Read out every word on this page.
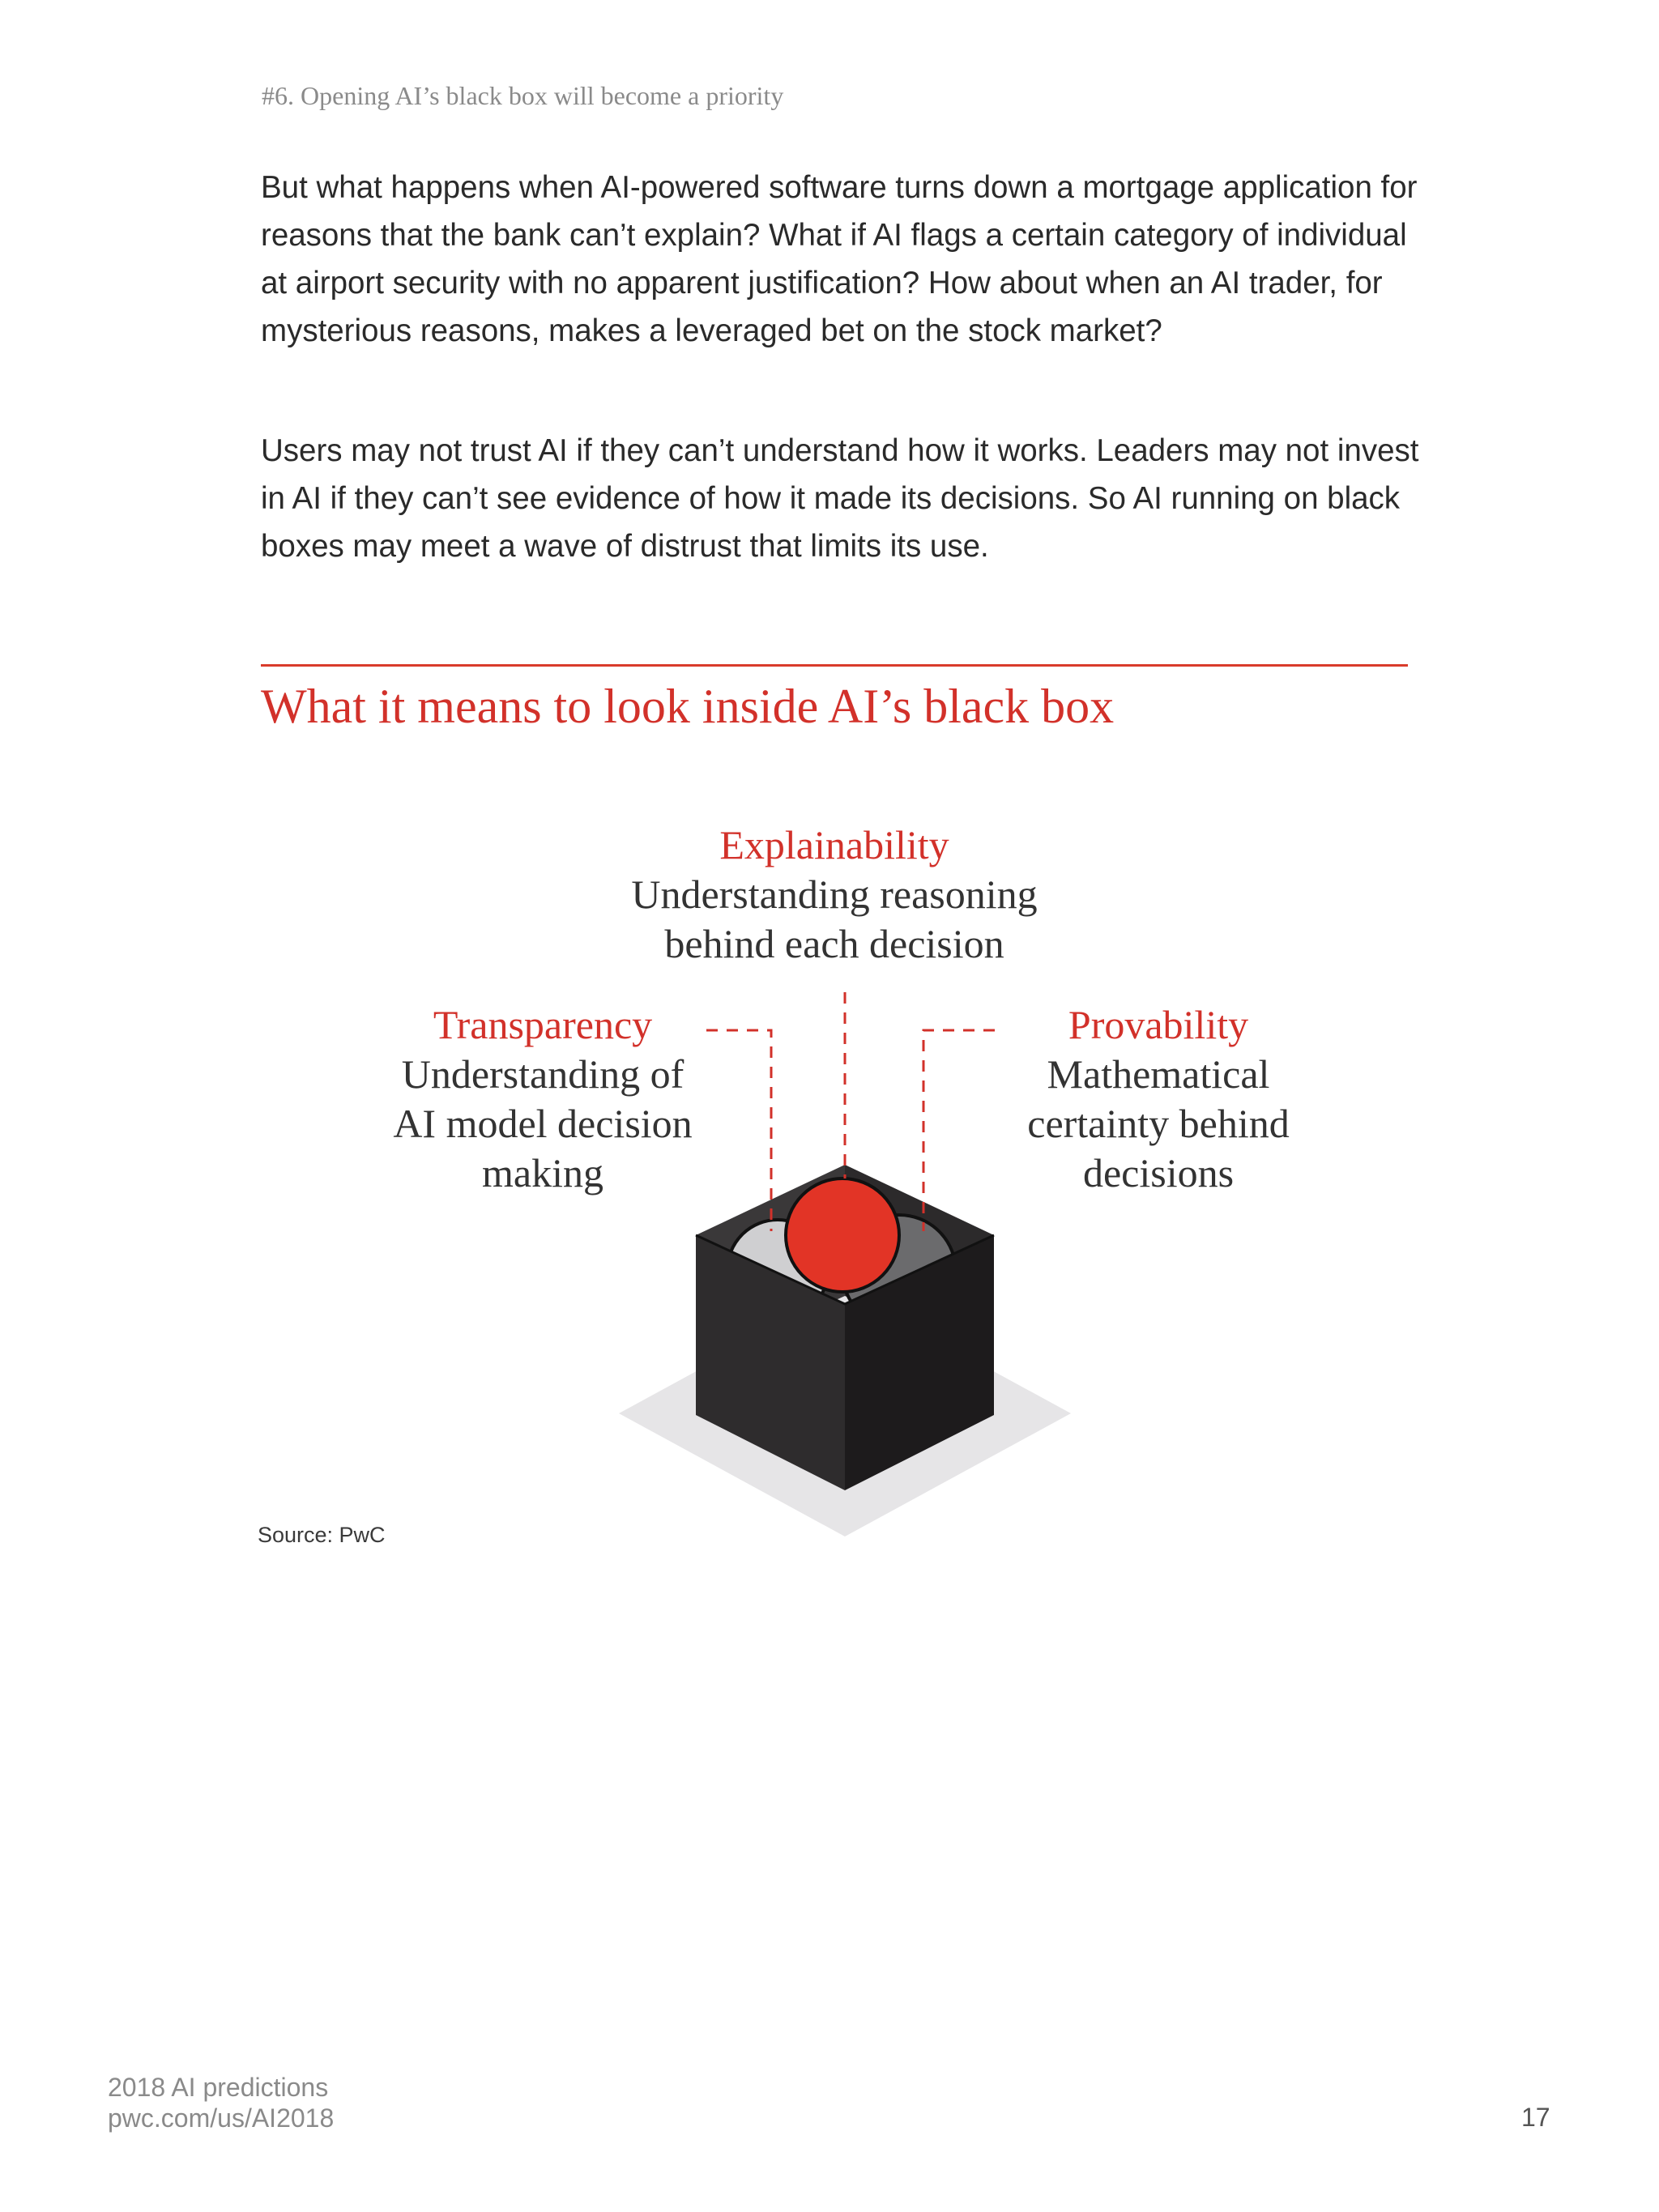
#6. Opening AI’s black box will become a priority

But what happens when AI-powered software turns down a mortgage application for reasons that the bank can’t explain? What if AI flags a certain category of individual at airport security with no apparent justification? How about when an AI trader, for mysterious reasons, makes a leveraged bet on the stock market?

Users may not trust AI if they can’t understand how it works. Leaders may not invest in AI if they can’t see evidence of how it made its decisions. So AI running on black boxes may meet a wave of distrust that limits its use.

What it means to look inside AI’s black box
Explainability
Understanding reasoning
behind each decision
Transparency
Understanding of
AI model decision
making
Provability
Mathematical
certainty behind
decisions
Source: PwC
2018 AI predictions
pwc.com/us/AI2018	17
